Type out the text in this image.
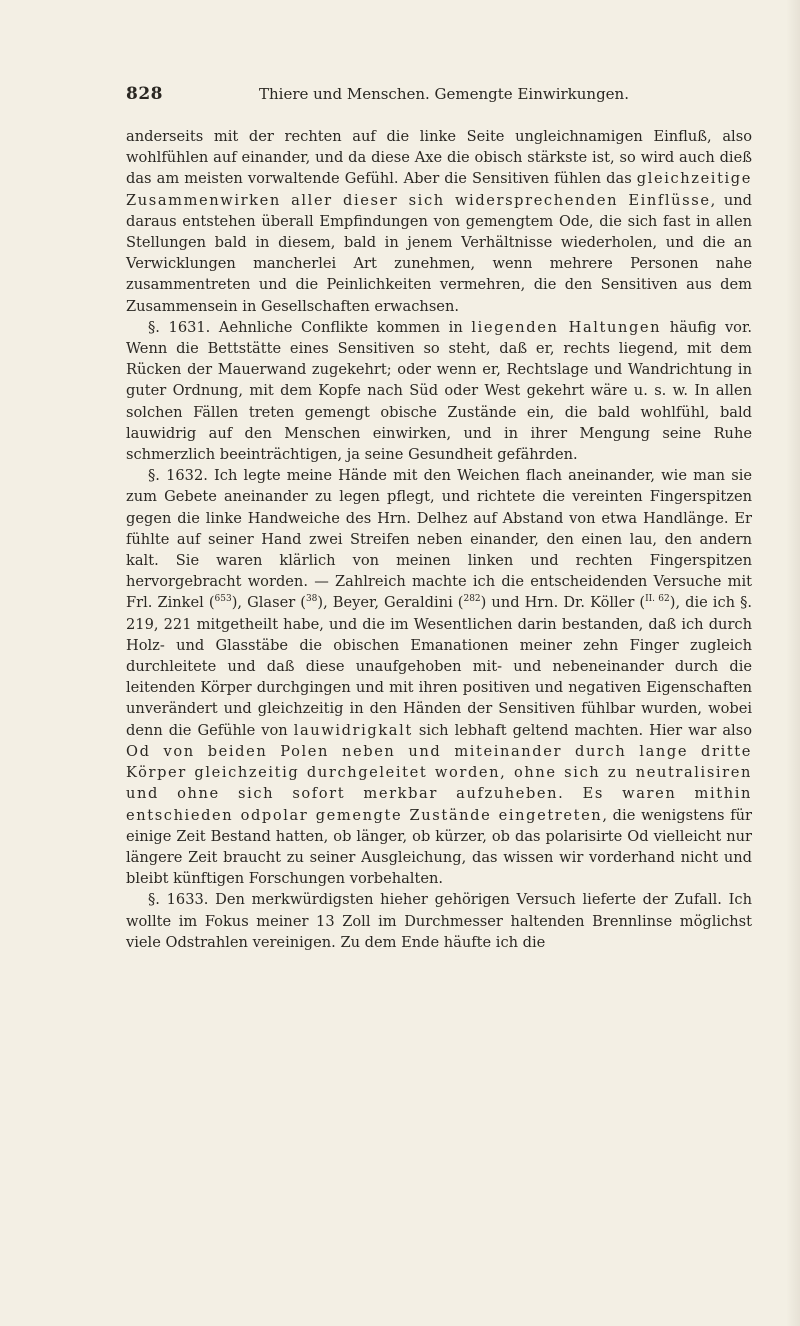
828	Thiere und Menschen. Gemengte Einwirkungen.

anderseits mit der rechten auf die linke Seite ungleichnamigen Einfluß, also wohlfühlen auf einander, und da diese Axe die obisch stärkste ist, so wird auch dieß das am meisten vorwaltende Gefühl. Aber die Sensitiven fühlen das gleichzeitige Zusammenwirken aller dieser sich widersprechenden Einflüsse, und daraus entstehen überall Empfindungen von gemengtem Ode, die sich fast in allen Stellungen bald in diesem, bald in jenem Verhältnisse wiederholen, und die an Verwicklungen mancherlei Art zunehmen, wenn mehrere Personen nahe zusammentreten und die Peinlichkeiten vermehren, die den Sensitiven aus dem Zusammensein in Gesellschaften erwachsen.

§. 1631. Aehnliche Conflikte kommen in liegenden Haltungen häufig vor. Wenn die Bettstätte eines Sensitiven so steht, daß er, rechts liegend, mit dem Rücken der Mauerwand zugekehrt; oder wenn er, Rechtslage und Wandrichtung in guter Ordnung, mit dem Kopfe nach Süd oder West gekehrt wäre u. s. w. In allen solchen Fällen treten gemengt obische Zustände ein, die bald wohlfühl, bald lauwidrig auf den Menschen einwirken, und in ihrer Mengung seine Ruhe schmerzlich beeinträchtigen, ja seine Gesundheit gefährden.

§. 1632. Ich legte meine Hände mit den Weichen flach aneinander, wie man sie zum Gebete aneinander zu legen pflegt, und richtete die vereinten Fingerspitzen gegen die linke Handweiche des Hrn. Delhez auf Abstand von etwa Handlänge. Er fühlte auf seiner Hand zwei Streifen neben einander, den einen lau, den andern kalt. Sie waren klärlich von meinen linken und rechten Fingerspitzen hervorgebracht worden. — Zahlreich machte ich die entscheidenden Versuche mit Frl. Zinkel ($^{653}$), Glaser ($^{38}$), Beyer, Geraldini ($^{282}$) und Hrn. Dr. Köller ($^{II. 62}$), die ich §. 219, 221 mitgetheilt habe, und die im Wesentlichen darin bestanden, daß ich durch Holz- und Glasstäbe die obischen Emanationen meiner zehn Finger zugleich durchleitete und daß diese unaufgehoben mit- und nebeneinander durch die leitenden Körper durchgingen und mit ihren positiven und negativen Eigenschaften unverändert und gleichzeitig in den Händen der Sensitiven fühlbar wurden, wobei denn die Gefühle von lauwidrigkalt sich lebhaft geltend machten. Hier war also Od von beiden Polen neben und miteinander durch lange dritte Körper gleichzeitig durchgeleitet worden, ohne sich zu neutralisiren und ohne sich sofort merkbar aufzuheben. Es waren mithin entschieden odpolar gemengte Zustände eingetreten, die wenigstens für einige Zeit Bestand hatten, ob länger, ob kürzer, ob das polarisirte Od vielleicht nur längere Zeit braucht zu seiner Ausgleichung, das wissen wir vorderhand nicht und bleibt künftigen Forschungen vorbehalten.

§. 1633. Den merkwürdigsten hieher gehörigen Versuch lieferte der Zufall. Ich wollte im Fokus meiner 13 Zoll im Durchmesser haltenden Brennlinse möglichst viele Odstrahlen vereinigen. Zu dem Ende häufte ich die
